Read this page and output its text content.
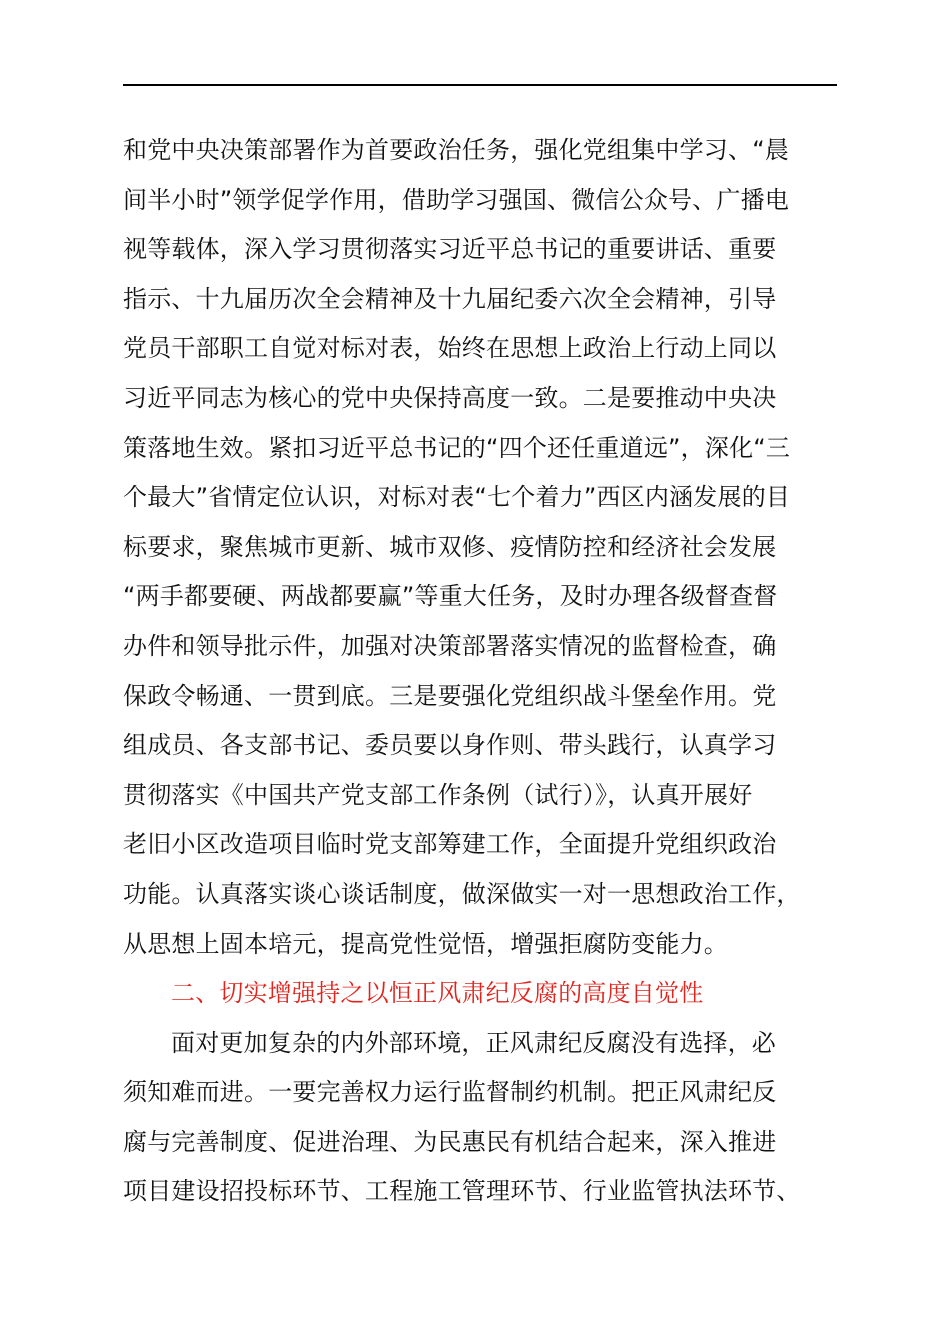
和党中央决策部署作为首要政治任务，强化党组集中学习、“晨
间半小时”领学促学作用，借助学习强国、微信公众号、广播电
视等载体，深入学习贯彻落实习近平总书记的重要讲话、重要
指示、十九届历次全会精神及十九届纪委六次全会精神，引导
党员干部职工自觉对标对表，始终在思想上政治上行动上同以
习近平同志为核心的党中央保持高度一致。二是要推动中央决
策落地生效。紧扣习近平总书记的“四个还任重道远”，深化“三
个最大”省情定位认识，对标对表“七个着力”西区内涵发展的目
标要求，聚焦城市更新、城市双修、疫情防控和经济社会发展
“两手都要硬、两战都要赢”等重大任务，及时办理各级督查督
办件和领导批示件，加强对决策部署落实情况的监督检查，确
保政令畅通、一贯到底。三是要强化党组织战斗堡垒作用。党
组成员、各支部书记、委员要以身作则、带头践行，认真学习
贯彻落实《中国共产党支部工作条例（试行）》，认真开展好
老旧小区改造项目临时党支部筹建工作，全面提升党组织政治
功能。认真落实谈心谈话制度，做深做实一对一思想政治工作，
从思想上固本培元，提高党性觉悟，增强拒腐防变能力。
二、切实增强持之以恒正风肃纪反腐的高度自觉性
面对更加复杂的内外部环境，正风肃纪反腐没有选择，必
须知难而进。一要完善权力运行监督制约机制。把正风肃纪反
腐与完善制度、促进治理、为民惠民有机结合起来，深入推进
项目建设招投标环节、工程施工管理环节、行业监管执法环节、
